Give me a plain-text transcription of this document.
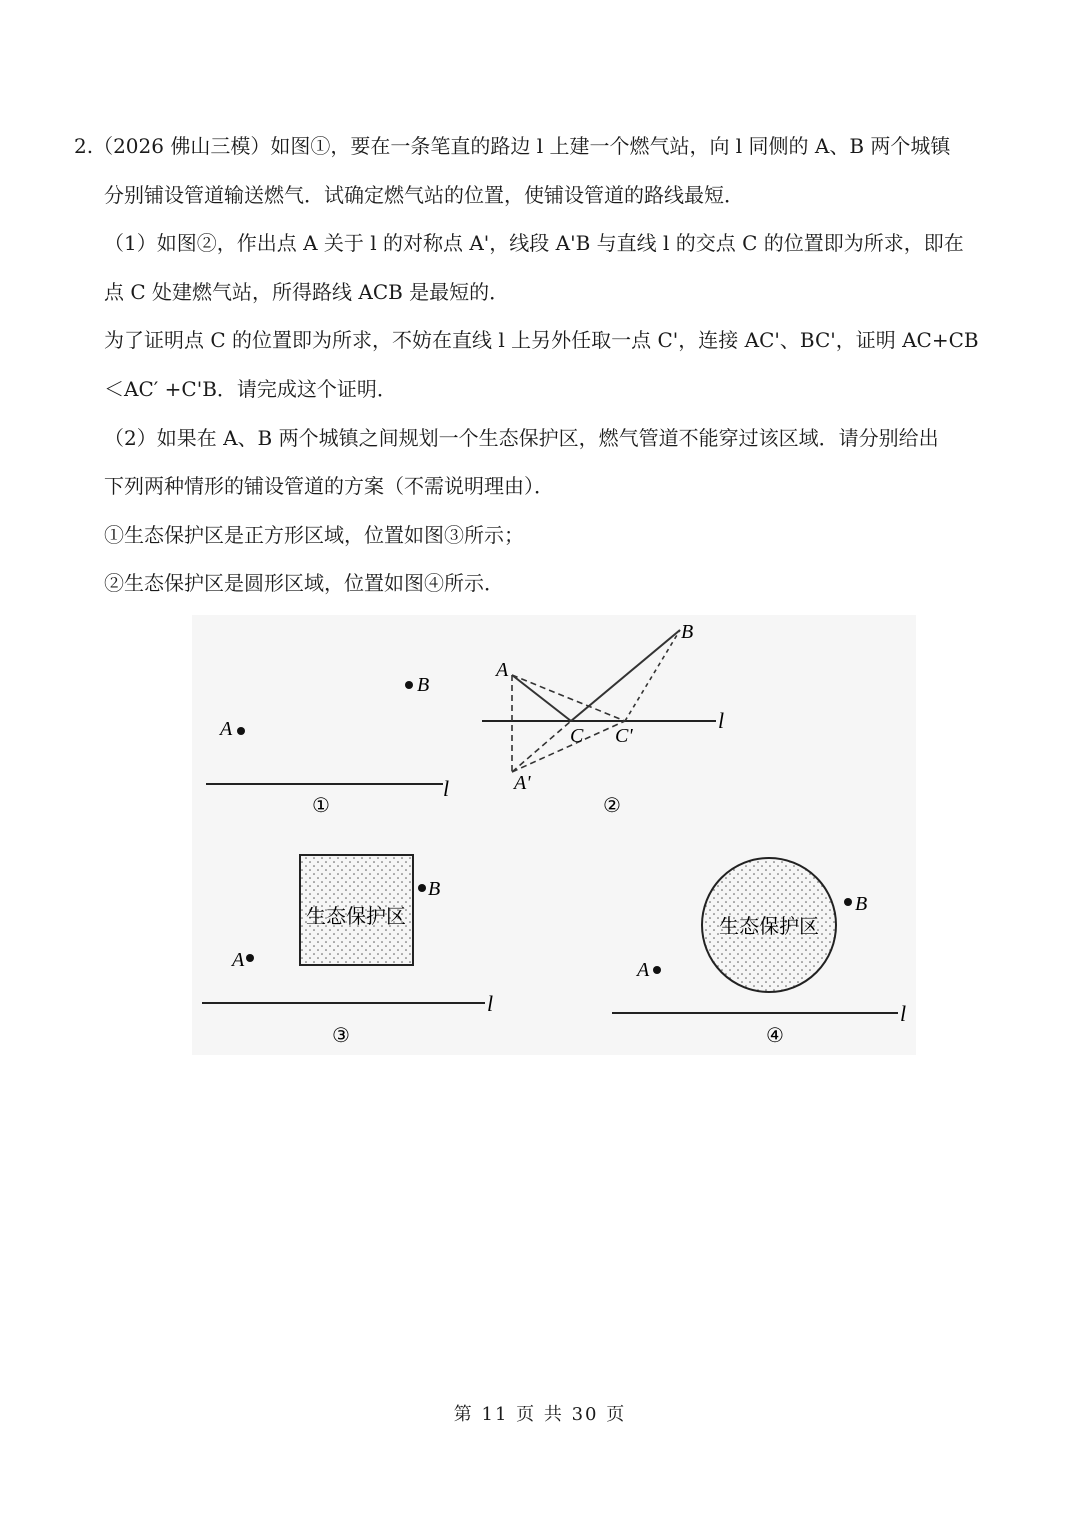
2.（2026 佛山三模）如图①，要在一条笔直的路边 l 上建一个燃气站，向 l 同侧的 A、B 两个城镇
分别铺设管道输送燃气．试确定燃气站的位置，使铺设管道的路线最短．
（1）如图②，作出点 A 关于 l 的对称点 A'，线段 A'B 与直线 l 的交点 C 的位置即为所求，即在
点 C 处建燃气站，所得路线 ACB 是最短的．
为了证明点 C 的位置即为所求，不妨在直线 l 上另外任取一点 C'，连接 AC'、BC'，证明 AC+CB
＜AC′ +C'B．请完成这个证明．
（2）如果在 A、B 两个城镇之间规划一个生态保护区，燃气管道不能穿过该区域．请分别给出
下列两种情形的铺设管道的方案（不需说明理由）．
①生态保护区是正方形区域，位置如图③所示；
②生态保护区是圆形区域，位置如图④所示．
A
B
l
①
A
B
A'
C C'
l
②
生态保护区
B
A
l
③
生态保护区
B
A
l
④
第 11 页 共 30 页
